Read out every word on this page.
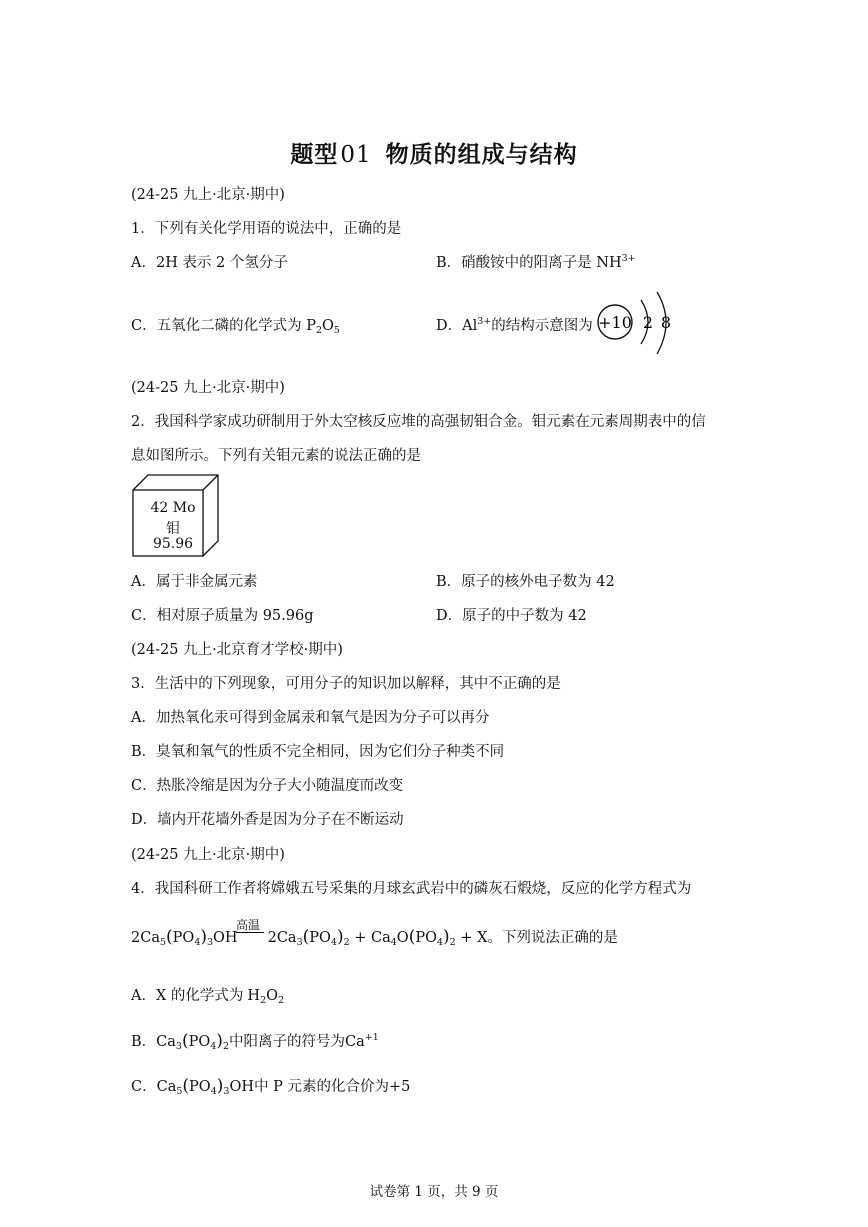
题型01 物质的组成与结构
(24-25 九上·北京·期中)
1．下列有关化学用语的说法中，正确的是
A．2H 表示 2 个氢分子	B．硝酸铵中的阳离子是 $NH^{3+}$
C．五氧化二磷的化学式为 $P_2O_5$	D．$Al^{3+}$的结构示意图为 +10 2 8
(24-25 九上·北京·期中)
2．我国科学家成功研制用于外太空核反应堆的高强韧钼合金。钼元素在元素周期表中的信
息如图所示。下列有关钼元素的说法正确的是
42 Mo
钼
95.96
A．属于非金属元素	B．原子的核外电子数为 42
C．相对原子质量为 95.96g	D．原子的中子数为 42
(24-25 九上·北京育才学校·期中)
3．生活中的下列现象，可用分子的知识加以解释，其中不正确的是
A．加热氧化汞可得到金属汞和氧气是因为分子可以再分
B．臭氧和氧气的性质不完全相同，因为它们分子种类不同
C．热胀冷缩是因为分子大小随温度而改变
D．墙内开花墙外香是因为分子在不断运动
(24-25 九上·北京·期中)
4．我国科研工作者将嫦娥五号采集的月球玄武岩中的磷灰石煅烧，反应的化学方程式为
高温
$2Ca_5(PO_4)_3OH$ $2Ca_3(PO_4)_2 + Ca_4O(PO_4)_2 + X$。下列说法正确的是
A．X 的化学式为 $H_2O_2$
B．$Ca_3(PO_4)_2$中阳离子的符号为$Ca^{+1}$
C．$Ca_5(PO_4)_3OH$中 P 元素的化合价为+5
试卷第 1 页，共 9 页
